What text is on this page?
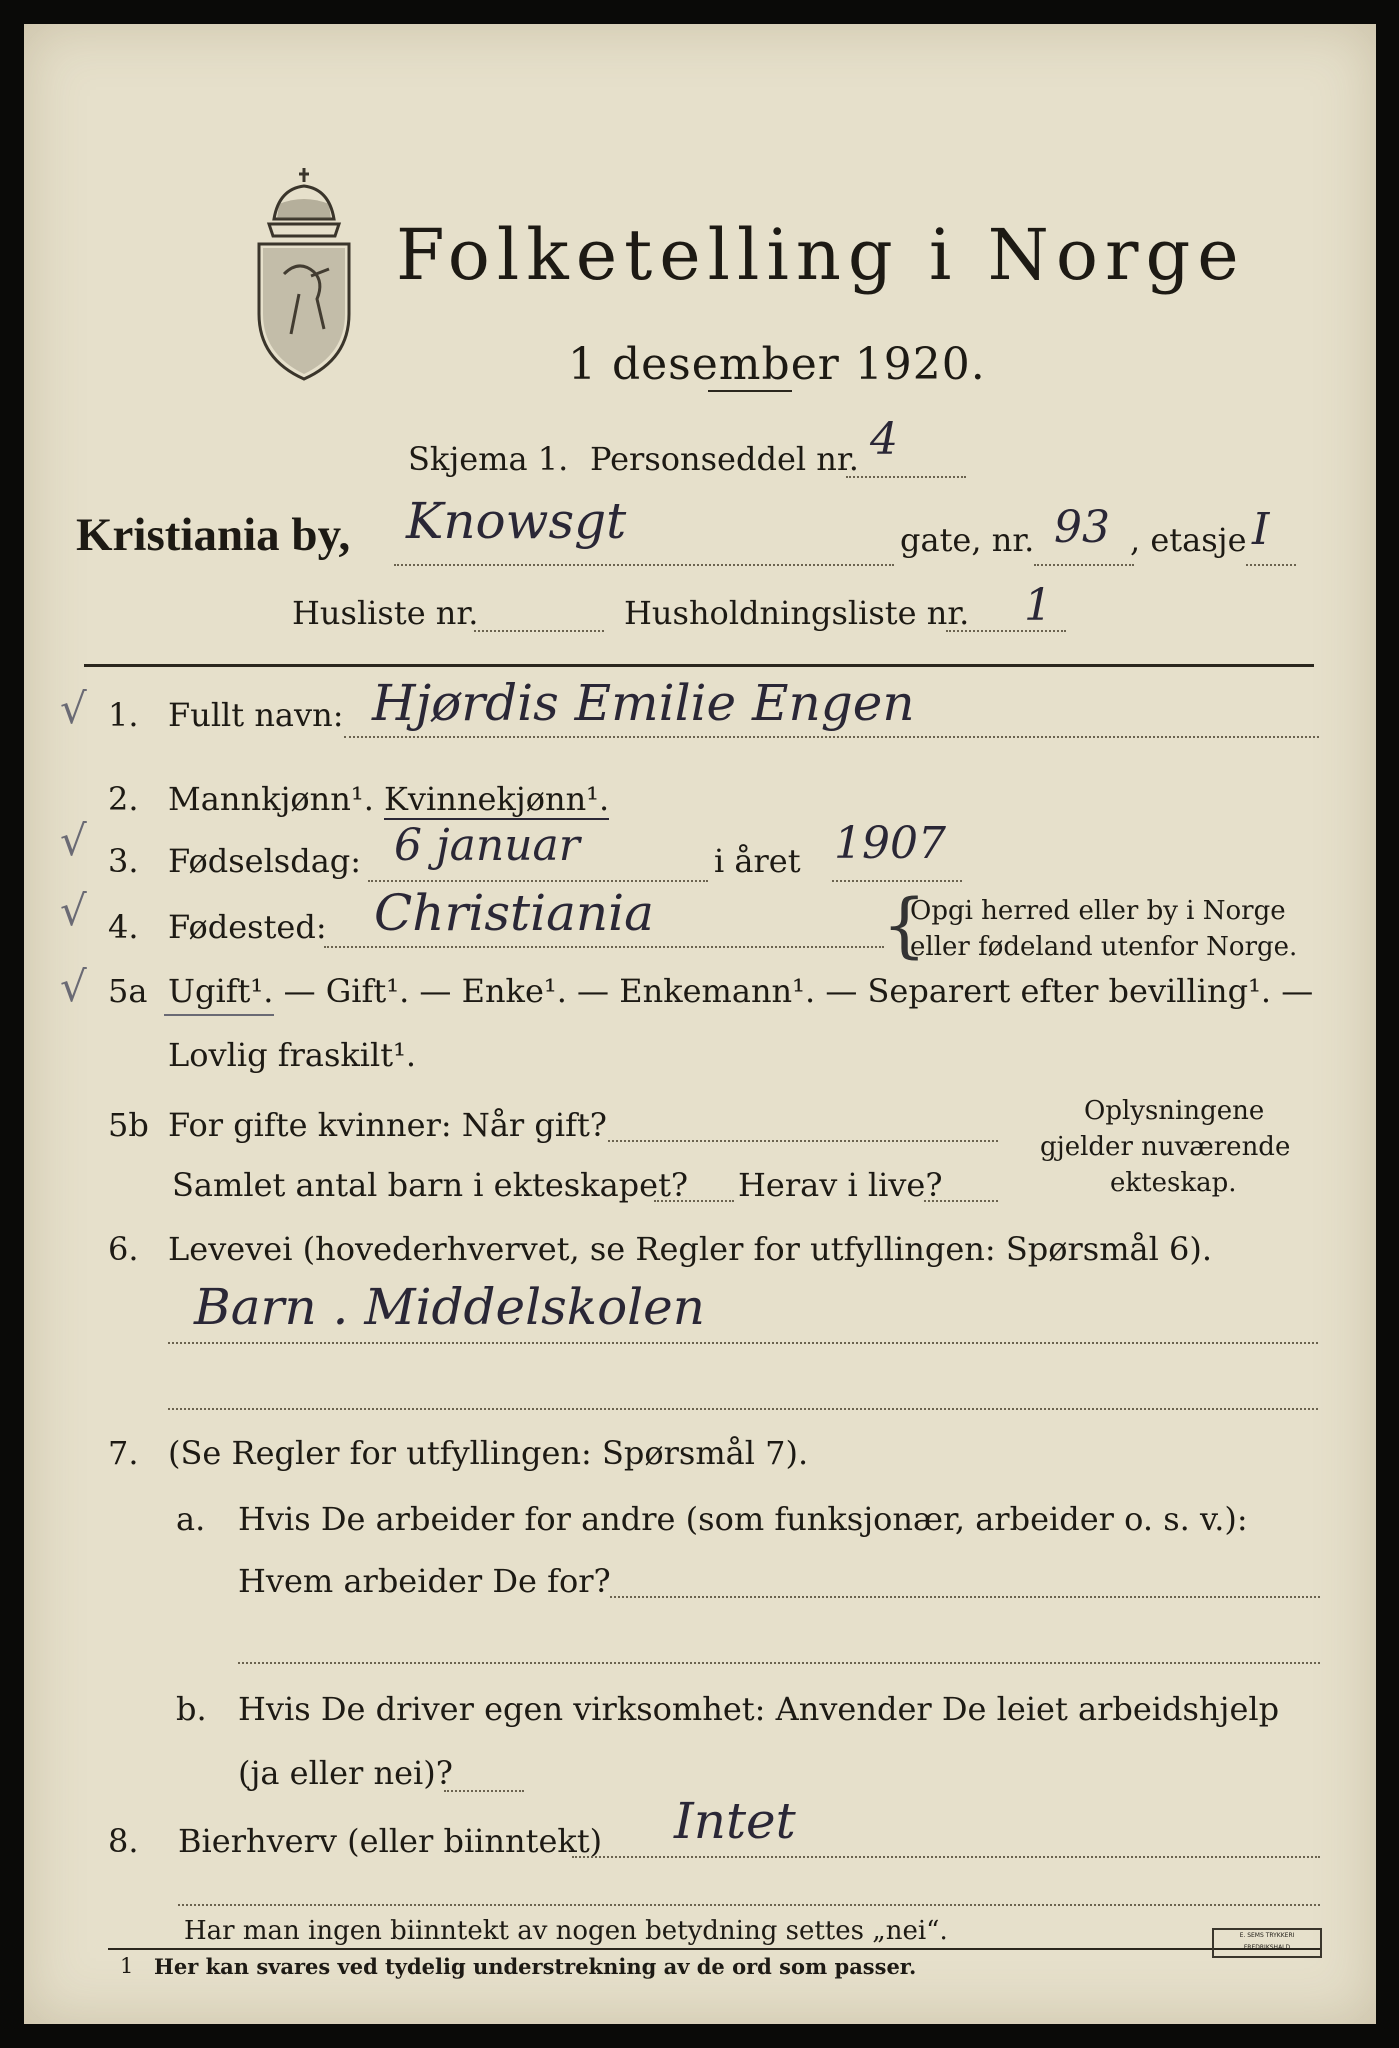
Folketelling i Norge
1 desember 1920.
Skjema 1. Personseddel nr. 4
Kristiania by, Knowsgt	gate, nr. 93 , etasje I
Husliste nr.	Husholdningsliste nr. 1
√
√
√
√
1. Fullt navn: Hjørdis Emilie Engen
2. Mannkjønn¹. Kvinnekjønn¹.
3. Fødselsdag: 6 januar	i året 1907
4. Fødested: Christiania	{
Opgi herred eller by i Norge
eller fødeland utenfor Norge.
5a Ugift¹. — Gift¹. — Enke¹. — Enkemann¹. — Separert efter bevilling¹. —
Lovlig fraskilt¹.
5b For gifte kvinner: Når gift?
Samlet antal barn i ekteskapet? Herav i live?
Oplysningene
gjelder nuværende
ekteskap.
6. Levevei (hovederhvervet, se Regler for utfyllingen: Spørsmål 6).
Barn . Middelskolen
7. (Se Regler for utfyllingen: Spørsmål 7).
a. Hvis De arbeider for andre (som funksjonær, arbeider o. s. v.):
Hvem arbeider De for?
b. Hvis De driver egen virksomhet: Anvender De leiet arbeidshjelp
(ja eller nei)?
8. Bierhverv (eller biinntekt) Intet
Har man ingen biinntekt av nogen betydning settes „nei“.
1 Her kan svares ved tydelig understrekning av de ord som passer.
E. SEMS TRYKKERI
FREDRIKSHALD
